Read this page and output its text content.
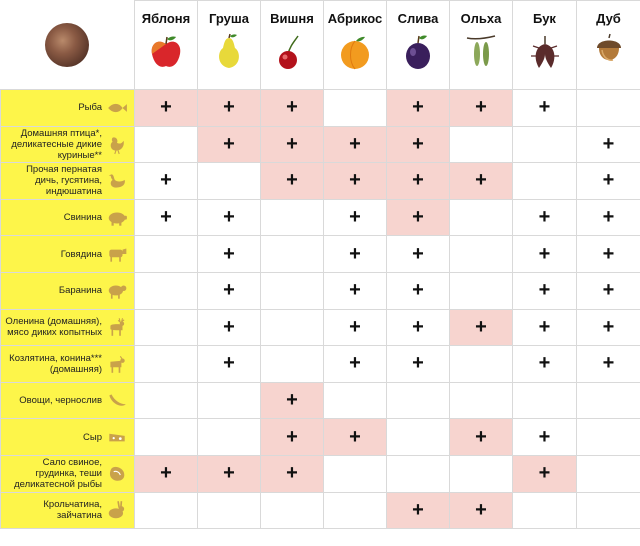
	Яблоня	Груша	Вишня	Абрикос	Слива	Ольха	Бук	Дуб

Рыба	+	+	+		+	+	+	

Домашняя птица*, деликатесные дикие куриные**		+	+	+	+			+

Прочая пернатая дичь, гусятина, индюшатина	+		+	+	+	+		+

Свинина	+	+		+	+		+	+

Говядина		+		+	+		+	+

Баранина		+		+	+		+	+

Оленина (домашняя), мясо диких копытных		+		+	+	+	+	+

Козлятина, конина*** (домашняя)		+		+	+		+	+

Овощи, чернослив			+					

Сыр			+	+		+	+	

Сало свиное, грудинка, теши деликатесной рыбы	+	+	+				+	

Крольчатина, зайчатина					+	+		
